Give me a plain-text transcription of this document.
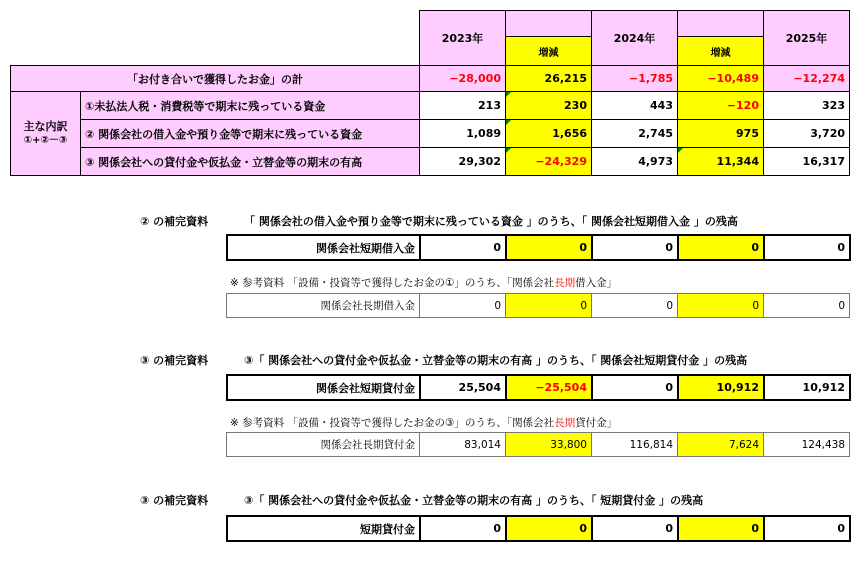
		2023年		2024年		2025年
			増減		増減	
「お付き合いで獲得したお金」の計		−28,000	26,215	−1,785	−10,489	−12,274

主な内訳
①+②－③	①未払法人税・消費税等で期末に残っている資金	213	230	443	−120	323
	② 関係会社の借入金や預り金等で期末に残っている資金	1,089	1,656	2,745	975	3,720
	③ 関係会社への貸付金や仮払金・立替金等の期末の有高	29,302	−24,329	4,973	11,344	16,317
② の補完資料	「 関係会社の借入金や預り金等で期末に残っている資金 」のうち、「 関係会社短期借入金 」の残高
関係会社短期借入金	0	0	0	0	0
※ 参考資料 「設備・投資等で獲得したお金の①」のうち、「関係会社長期借入金」
関係会社長期借入金	0	0	0	0	0
③ の補完資料	③「 関係会社への貸付金や仮払金・立替金等の期末の有高 」のうち、「 関係会社短期貸付金 」の残高
関係会社短期貸付金	25,504	−25,504	0	10,912	10,912
※ 参考資料 「設備・投資等で獲得したお金の③」のうち、「関係会社長期貸付金」
関係会社長期貸付金	83,014	33,800	116,814	7,624	124,438
③ の補完資料	③「 関係会社への貸付金や仮払金・立替金等の期末の有高 」のうち、「 短期貸付金 」の残高
短期貸付金	0	0	0	0	0
